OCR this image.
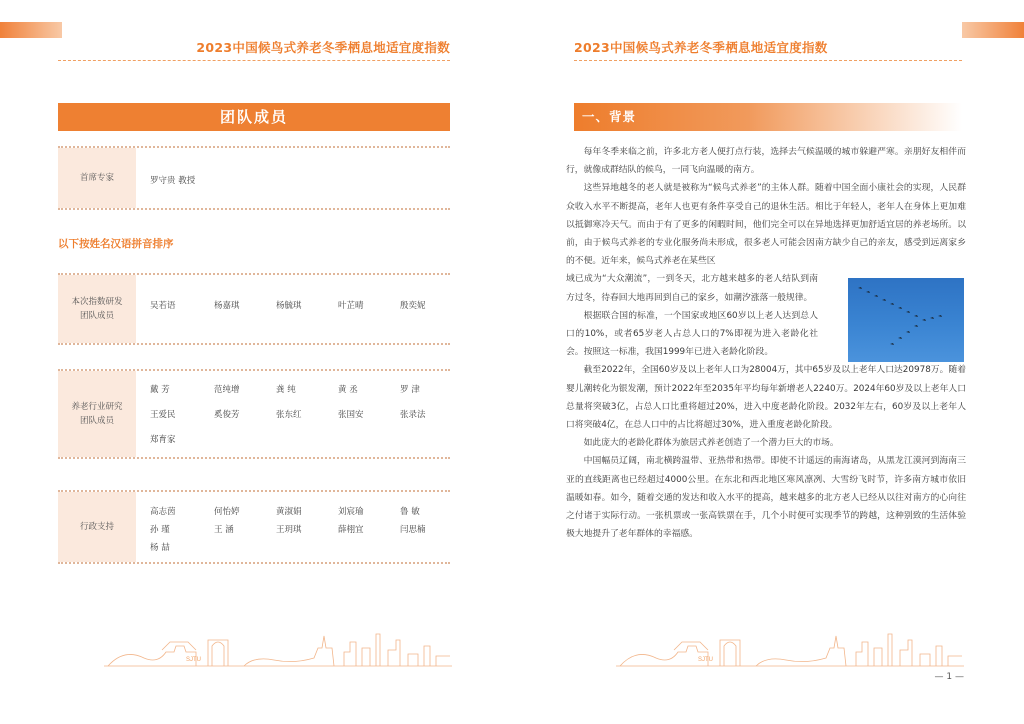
2023中国候鸟式养老冬季栖息地适宜度指数
团队成员
首席专家	罗守贵 教授
以下按姓名汉语拼音排序
本次指数研发
团队成员
吴若语	杨嘉琪	杨毓琪	叶芷晴	殷奕妮
养老行业研究
团队成员
戴 芳	范纯增	龚 纯	黄 丞	罗 津
王爱民	奚俊芳	张东红	张国安	张录法
郑育家
行政支持
高志茵	何怡婷	黄淑娟	刘宸瑜	鲁 敏
孙 瑾	王 涵	王玥琪	薛栩宜	闫思楠
杨 喆
SJTU
2023中国候鸟式养老冬季栖息地适宜度指数
一、背景

每年冬季来临之前，许多北方老人便打点行装，选择去气候温暖的城市躲避严寒。亲朋好友相伴而行，就像成群结队的候鸟，一同飞向温暖的南方。

这些异地越冬的老人就是被称为“候鸟式养老”的主体人群。随着中国全面小康社会的实现，人民群众收入水平不断提高，老年人也更有条件享受自己的退休生活。相比于年轻人，老年人在身体上更加难以抵御寒冷天气。而由于有了更多的闲暇时间，他们完全可以在异地选择更加舒适宜居的养老场所。以前，由于候鸟式养老的专业化服务尚未形成，很多老人可能会因南方缺少自己的亲友，感受到远离家乡的不便。近年来，候鸟式养老在某些区

域已成为“大众潮流”，一到冬天，北方越来越多的老人结队到南方过冬，待春回大地再回到自己的家乡，如潮汐涨落一般规律。

根据联合国的标准，一个国家或地区60岁以上老人达到总人口的10%，或者65岁老人占总人口的7%即视为进入老龄化社会。按照这一标准，我国1999年已进入老龄化阶段。

截至2022年，全国60岁及以上老年人口为28004万，其中65岁及以上老年人口达20978万。随着婴儿潮转化为银发潮，预计2022年至2035年平均每年新增老人2240万。2024年60岁及以上老年人口总量将突破3亿，占总人口比重将超过20%，进入中度老龄化阶段。2032年左右，60岁及以上老年人口将突破4亿，在总人口中的占比将超过30%，进入重度老龄化阶段。

如此庞大的老龄化群体为旅居式养老创造了一个潜力巨大的市场。

中国幅员辽阔，南北横跨温带、亚热带和热带。即使不计遥远的南海诸岛，从黑龙江漠河到海南三亚的直线距离也已经超过4000公里。在东北和西北地区寒风凛冽、大雪纷飞时节，许多南方城市依旧温暖如春。如今，随着交通的发达和收入水平的提高，越来越多的北方老人已经从以往对南方的心向往之付诸于实际行动。一张机票或一张高铁票在手，几个小时便可实现季节的跨越，这种别致的生活体验极大地提升了老年群体的幸福感。

SJTU
— 1 —
